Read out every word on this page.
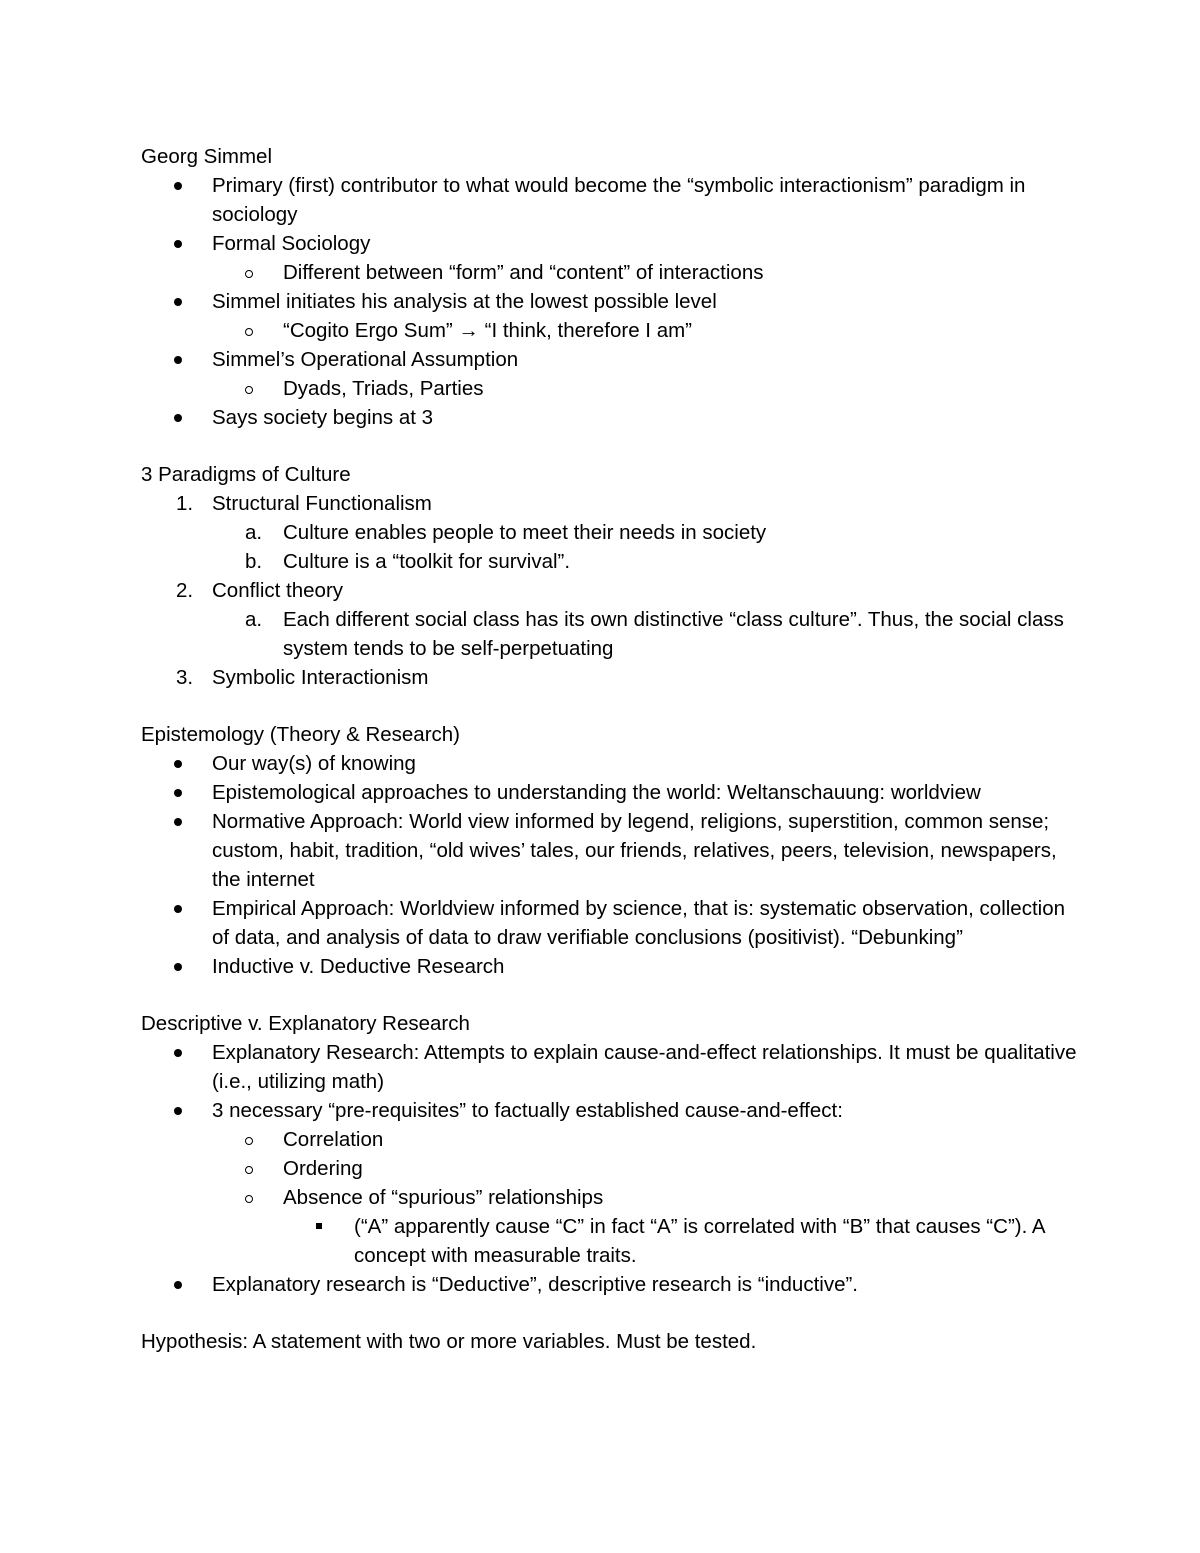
Georg Simmel
Primary (first) contributor to what would become the “symbolic interactionism” paradigm in sociology
Formal Sociology
Different between “form” and “content” of interactions
Simmel initiates his analysis at the lowest possible level
“Cogito Ergo Sum” → “I think, therefore I am”
Simmel’s Operational Assumption
Dyads, Triads, Parties
Says society begins at 3
3 Paradigms of Culture
1. Structural Functionalism
a.	Culture enables people to meet their needs in society
b.	Culture is a “toolkit for survival”.
2. Conflict theory
a.	Each different social class has its own distinctive “class culture”. Thus, the social class system tends to be self-perpetuating
3. Symbolic Interactionism
Epistemology (Theory & Research)
Our way(s) of knowing
Epistemological approaches to understanding the world: Weltanschauung: worldview
Normative Approach: World view informed by legend, religions, superstition, common sense; custom, habit, tradition, “old wives’ tales, our friends, relatives, peers, television, newspapers, the internet
Empirical Approach: Worldview informed by science, that is: systematic observation, collection of data, and analysis of data to draw verifiable conclusions (positivist). “Debunking”
Inductive v. Deductive Research
Descriptive v. Explanatory Research
Explanatory Research: Attempts to explain cause-and-effect relationships. It must be qualitative (i.e., utilizing math)
3 necessary “pre-requisites” to factually established cause-and-effect:
Correlation
Ordering
Absence of “spurious” relationships
(“A” apparently cause “C” in fact “A” is correlated with “B” that causes “C”). A concept with measurable traits.
Explanatory research is “Deductive”, descriptive research is “inductive”.
Hypothesis: A statement with two or more variables. Must be tested.
